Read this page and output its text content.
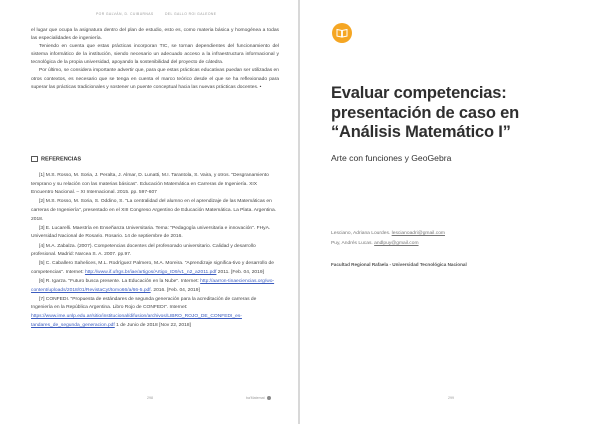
POR GALVÁN, D. CUIBURNAS	DEL GALLO ROI GALEONE

el lugar que ocupa la asignatura dentro del plan de estudio, esto es, como materia básica y homogénea a todas las especialidades de ingeniería.

Teniendo en cuenta que estas prácticas incorporan TIC, se tornan dependientes del funcionamiento del sistema informático de la institución, siendo necesario un adecuado acceso a la infraestructura informacional y tecnológica de la propia universidad, apoyando la sostenibilidad del proyecto de cátedra.

Por último, se considera importante advertir que, para que estas prácticas educativas puedan ser utilizadas en otros contextos, es necesario que se tenga en cuenta el marco teórico desde el que se ha reflexionado para superar las prácticas tradicionales y sostener un puente conceptual hacia las nuevas prácticas docentes. •

REFERENCIAS

[1] M.S. Rosso, M. Soria, J. Peralta, J. Almar, D. Lunatti, M.I. Tarantola, S. Vaira, y otros. "Desgranamiento temprano y su relación con las materias básicas". Educación Matemática en Carreras de Ingeniería. XIX Encuentro Nacional. – XI Internacional. 2015. pp. 597-607

[2] M.S. Rosso, M. Soria, S. Oddino, S. "La centralidad del alumno en el aprendizaje de las Matemáticas en carreras de Ingeniería", presentado en el XIII Congreso Argentino de Educación Matemática. La Plata. Argentina. 2018.

[3] E. Lucarelli. Maestría en Enseñanza Universitaria. Tema: "Pedagogía universitaria e innovación". FHyA. Universidad Nacional de Rosario. Rosario. 14 de septiembre de 2016.

[4] M.A. Zabalza. (2007). Competencias docentes del profesorado universitario. Calidad y desarrollo profesional. Madrid: Narcea S. A. 2007. pp.97.

[5] C. Caballero Sahelices, M.L. Rodríguez Palmero, M.A. Moreira. "Aprendizaje significa-tivo y desarrollo de competencias". Internet: http://www.if.ufrgs.br/iae/artigos/Artigo_ID9/v1_n2_a2011.pdf 2011. [Feb. 04, 2019]

[6] R. Igarza. "Futuro busca presente. La Educación en la Nube". Internet: http://aarron-tinaeciencias.org/wo-content/uploads/2018/01/RevistaCyt/tomo66/a/66-5.pdf. 2016. [Feb. 04, 2019]

[7] CONFEDI. "Propuesta de estándares de segunda generación para la acreditación de carreras de Ingeniería en la República Argentina. Libro Rojo de CONFEDI". Internet: https://www.ime.unlp.edu.ar/sitio/institucional/difusion/archivos/LIBRO_ROJO_DE_CONFEDI_es-tandares_de_segunda_generacion.pdf 1 de Junio de 2018 [Nov 22, 2018]

298	ba'Matemat
Evaluar competencias: presentación de caso en “Análisis Matemático I”
Arte con funciones y GeoGebra
Lesciano, Adriana Lourdes. lescianoadri@gmail.com
Puy, Andrés Lucas. andlpuy@gmail.com
Facultad Regional Rafaela - Universidad Tecnológica Nacional
299
